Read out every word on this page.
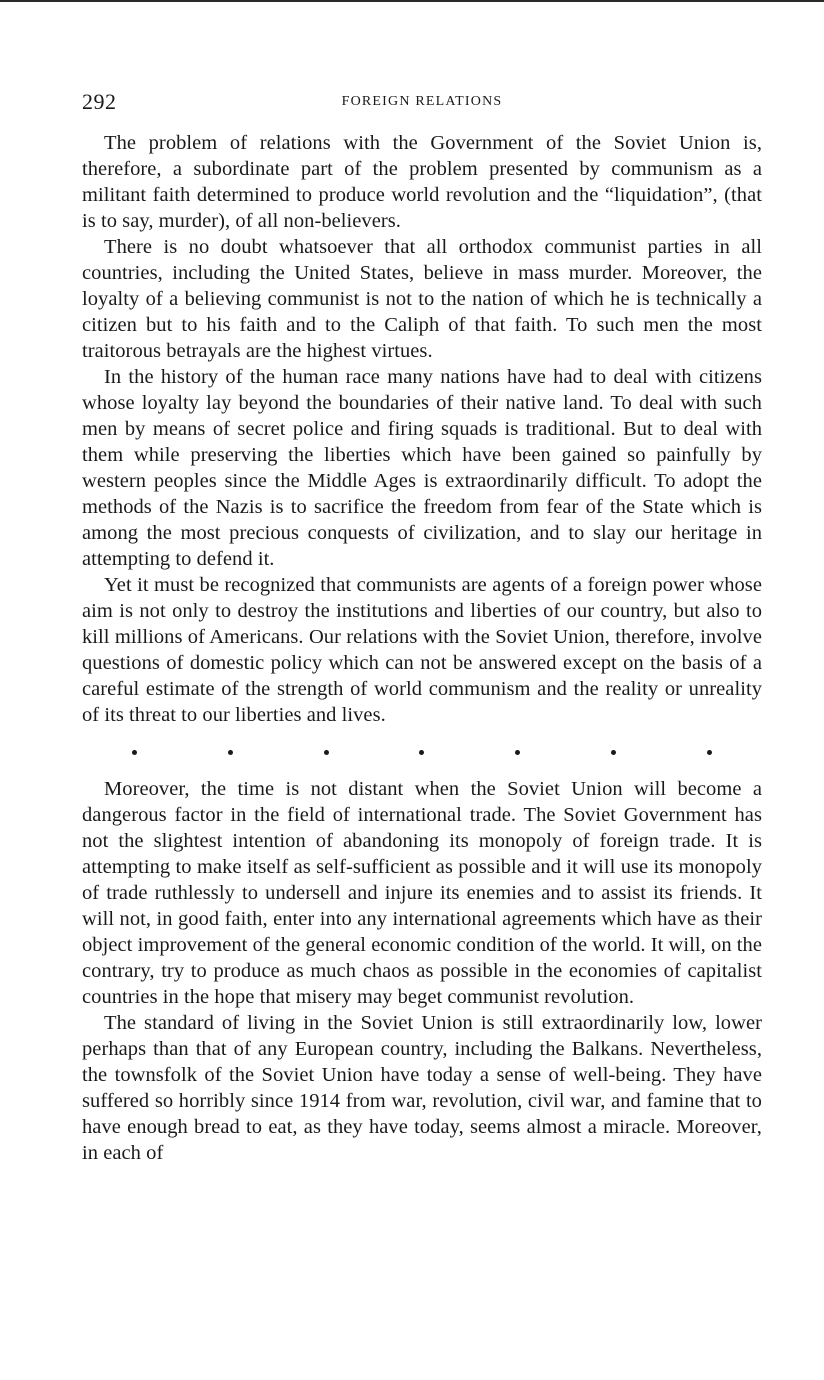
292	FOREIGN RELATIONS

The problem of relations with the Government of the Soviet Union is, therefore, a subordinate part of the problem presented by communism as a militant faith determined to produce world revolution and the “liquidation”, (that is to say, murder), of all non-believers.

There is no doubt whatsoever that all orthodox communist parties in all countries, including the United States, believe in mass murder. Moreover, the loyalty of a believing communist is not to the nation of which he is technically a citizen but to his faith and to the Caliph of that faith. To such men the most traitorous betrayals are the highest virtues.

In the history of the human race many nations have had to deal with citizens whose loyalty lay beyond the boundaries of their native land. To deal with such men by means of secret police and firing squads is traditional. But to deal with them while preserving the liberties which have been gained so painfully by western peoples since the Middle Ages is extraordinarily difficult. To adopt the methods of the Nazis is to sacrifice the freedom from fear of the State which is among the most precious conquests of civilization, and to slay our heritage in attempting to defend it.

Yet it must be recognized that communists are agents of a foreign power whose aim is not only to destroy the institutions and liberties of our country, but also to kill millions of Americans. Our relations with the Soviet Union, therefore, involve questions of domestic policy which can not be answered except on the basis of a careful estimate of the strength of world communism and the reality or unreality of its threat to our liberties and lives.

Moreover, the time is not distant when the Soviet Union will become a dangerous factor in the field of international trade. The Soviet Government has not the slightest intention of abandoning its monopoly of foreign trade. It is attempting to make itself as self-sufficient as possible and it will use its monopoly of trade ruthlessly to undersell and injure its enemies and to assist its friends. It will not, in good faith, enter into any international agreements which have as their object improvement of the general economic condition of the world. It will, on the contrary, try to produce as much chaos as possible in the economies of capitalist countries in the hope that misery may beget communist revolution.

The standard of living in the Soviet Union is still extraordinarily low, lower perhaps than that of any European country, including the Balkans. Nevertheless, the townsfolk of the Soviet Union have today a sense of well-being. They have suffered so horribly since 1914 from war, revolution, civil war, and famine that to have enough bread to eat, as they have today, seems almost a miracle. Moreover, in each of
